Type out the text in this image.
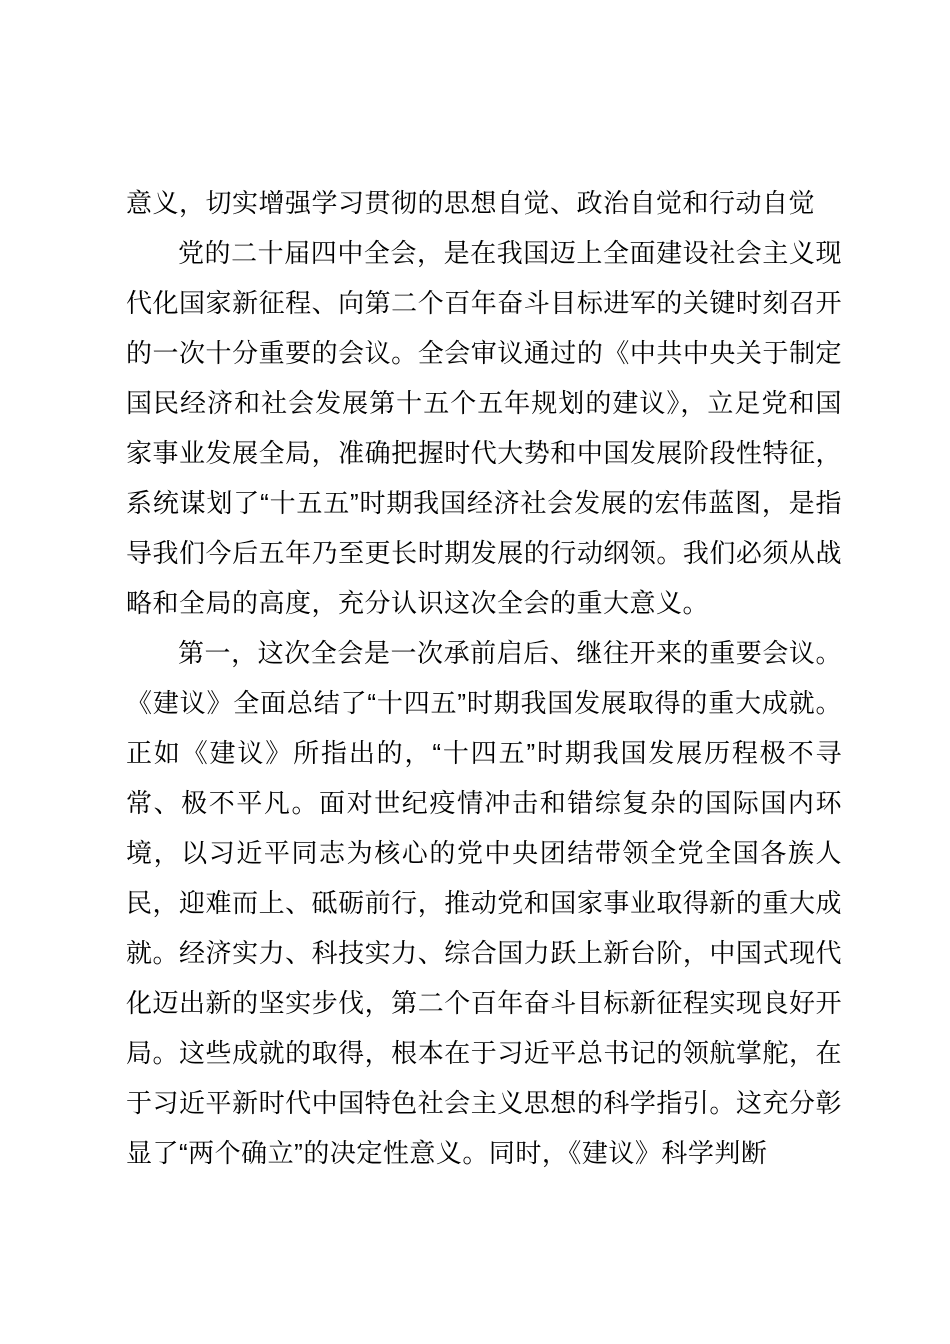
意义，切实增强学习贯彻的思想自觉、政治自觉和行动自觉

党的二十届四中全会，是在我国迈上全面建设社会主义现代化国家新征程、向第二个百年奋斗目标进军的关键时刻召开的一次十分重要的会议。全会审议通过的《中共中央关于制定国民经济和社会发展第十五个五年规划的建议》，立足党和国家事业发展全局，准确把握时代大势和中国发展阶段性特征，系统谋划了“十五五”时期我国经济社会发展的宏伟蓝图，是指导我们今后五年乃至更长时期发展的行动纲领。我们必须从战略和全局的高度，充分认识这次全会的重大意义。

第一，这次全会是一次承前启后、继往开来的重要会议。《建议》全面总结了“十四五”时期我国发展取得的重大成就。正如《建议》所指出的，“十四五”时期我国发展历程极不寻常、极不平凡。面对世纪疫情冲击和错综复杂的国际国内环境，以习近平同志为核心的党中央团结带领全党全国各族人民，迎难而上、砥砺前行，推动党和国家事业取得新的重大成就。经济实力、科技实力、综合国力跃上新台阶，中国式现代化迈出新的坚实步伐，第二个百年奋斗目标新征程实现良好开局。这些成就的取得，根本在于习近平总书记的领航掌舵，在于习近平新时代中国特色社会主义思想的科学指引。这充分彰显了“两个确立”的决定性意义。同时，《建议》科学判断
